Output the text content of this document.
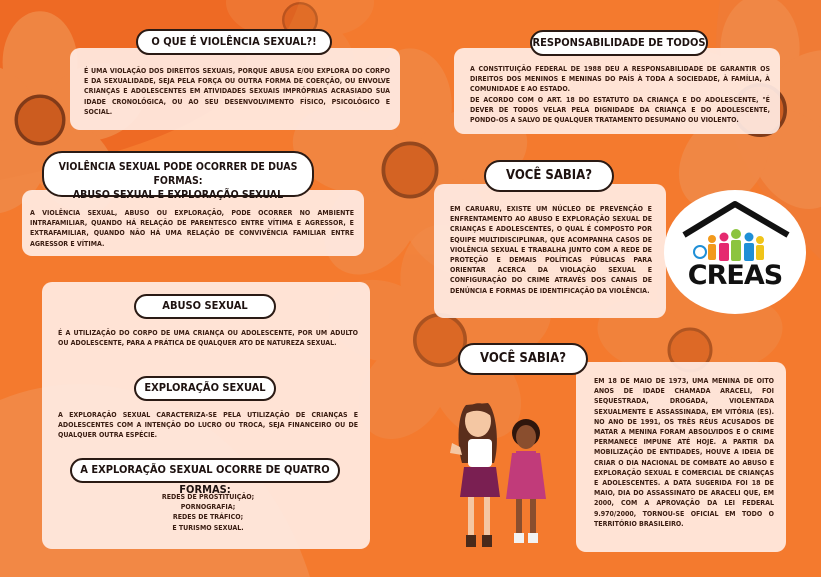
É UMA VIOLAÇÃO DOS DIREITOS SEXUAIS, PORQUE ABUSA E/OU EXPLORA DO CORPO E DA SEXUALIDADE, SEJA PELA FORÇA OU OUTRA FORMA DE COERÇÃO, OU ENVOLVE CRIANÇAS E ADOLESCENTES EM ATIVIDADES SEXUAIS IMPRÓPRIAS ACRASIADO SUA IDADE CRONOLÓGICA, OU AO SEU DESENVOLVIMENTO FÍSICO, PSICOLÓGICO E SOCIAL.
O QUE É VIOLÊNCIA SEXUAL?!
A VIOLÊNCIA SEXUAL, ABUSO OU EXPLORAÇÃO, PODE OCORRER NO AMBIENTE INTRAFAMILIAR, QUANDO HÁ RELAÇÃO DE PARENTESCO ENTRE VÍTIMA E AGRESSOR, E EXTRAFAMILIAR, QUANDO NÃO HÁ UMA RELAÇÃO DE CONVIVÊNCIA FAMILIAR ENTRE AGRESSOR E VÍTIMA.
VIOLÊNCIA SEXUAL PODE OCORRER DE DUAS FORMAS:
ABUSO SEXUAL E EXPLORAÇÃO SEXUAL
ABUSO SEXUAL
É A UTILIZAÇÃO DO CORPO DE UMA CRIANÇA OU ADOLESCENTE, POR UM ADULTO OU ADOLESCENTE, PARA A PRÁTICA DE QUALQUER ATO DE NATUREZA SEXUAL.
EXPLORAÇÃO SEXUAL
A EXPLORAÇÃO SEXUAL CARACTERIZA-SE PELA UTILIZAÇÃO DE CRIANÇAS E ADOLESCENTES COM A INTENÇÃO DO LUCRO OU TROCA, SEJA FINANCEIRO OU DE QUALQUER OUTRA ESPÉCIE.
A EXPLORAÇÃO SEXUAL OCORRE DE QUATRO FORMAS:
REDES DE PROSTITUIÇÃO;
PORNOGRAFIA;
REDES DE TRÁFICO;
E TURISMO SEXUAL.
A CONSTITUIÇÃO FEDERAL DE 1988 DEU A RESPONSABILIDADE DE GARANTIR OS DIREITOS DOS MENINOS E MENINAS DO PAÍS À TODA A SOCIEDADE, À FAMÍLIA, À COMUNIDADE E AO ESTADO.
DE ACORDO COM O ART. 18 DO ESTATUTO DA CRIANÇA E DO ADOLESCENTE, "É DEVER DE TODOS VELAR PELA DIGNIDADE DA CRIANÇA E DO ADOLESCENTE, PONDO-OS A SALVO DE QUALQUER TRATAMENTO DESUMANO OU VIOLENTO.
RESPONSABILIDADE DE TODOS
EM CARUARU, EXISTE UM NÚCLEO DE PREVENÇÃO E ENFRENTAMENTO AO ABUSO E EXPLORAÇÃO SEXUAL DE CRIANÇAS E ADOLESCENTES, O QUAL É COMPOSTO POR EQUIPE MULTIDISCIPLINAR, QUE ACOMPANHA CASOS DE VIOLÊNCIA SEXUAL E TRABALHA JUNTO COM A REDE DE PROTEÇÃO E DEMAIS POLÍTICAS PÚBLICAS PARA ORIENTAR ACERCA DA VIOLAÇÃO SEXUAL E CONFIGURAÇÃO DO CRIME ATRAVÉS DOS CANAIS DE DENÚNCIA E FORMAS DE IDENTIFICAÇÃO DA VIOLÊNCIA.
VOCÊ SABIA?
CREAS
EM 18 DE MAIO DE 1973, UMA MENINA DE OITO ANOS DE IDADE CHAMADA ARACELI, FOI SEQUESTRADA, DROGADA, VIOLENTADA SEXUALMENTE E ASSASSINADA, EM VITÓRIA (ES). NO ANO DE 1991, OS TRÊS RÉUS ACUSADOS DE MATAR A MENINA FORAM ABSOLVIDOS E O CRIME PERMANECE IMPUNE ATÉ HOJE. A PARTIR DA MOBILIZAÇÃO DE ENTIDADES, HOUVE A IDEIA DE CRIAR O DIA NACIONAL DE COMBATE AO ABUSO E EXPLORAÇÃO SEXUAL E COMERCIAL DE CRIANÇAS E ADOLESCENTES. A DATA SUGERIDA FOI 18 DE MAIO, DIA DO ASSASSINATO DE ARACELI QUE, EM 2000, COM A APROVAÇÃO DA LEI FEDERAL 9.970/2000, TORNOU-SE OFICIAL EM TODO O TERRITÓRIO BRASILEIRO.
VOCÊ SABIA?
